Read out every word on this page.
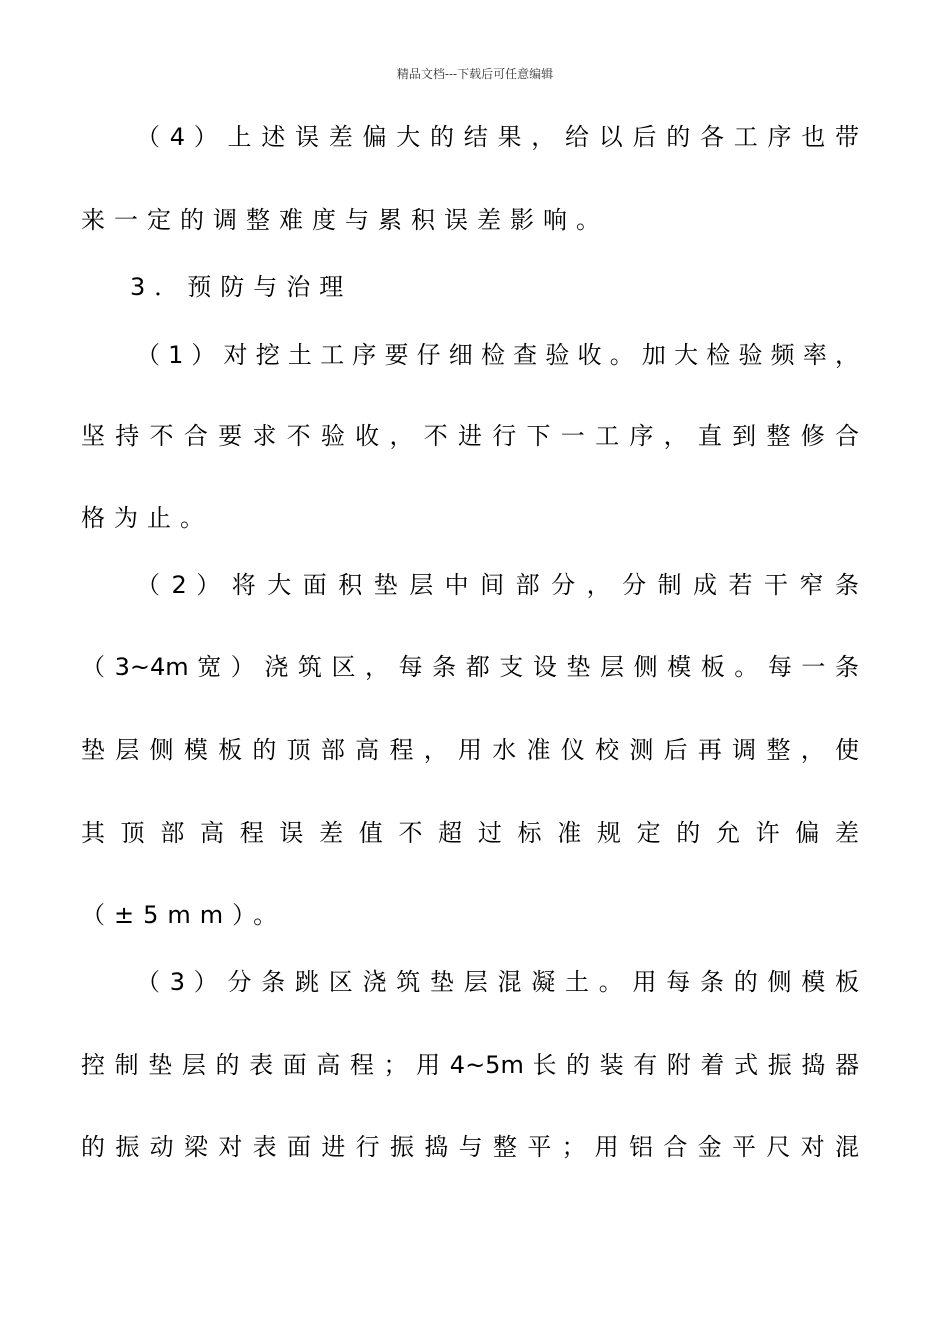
精品文档---下载后可任意编辑
（ 4 ） 上 述 误 差 偏 大 的 结 果 ， 给 以 后 的 各 工 序 也 带
来一定的调整难度与累积误差影响。
3．预防与治理
（ 1 ） 对 挖 土 工 序 要 仔 细 检 查 验 收 。 加 大 检 验 频 率 ，
坚 持 不 合 要 求 不 验 收 ， 不 进 行 下 一 工 序 ， 直 到 整 修 合
格为止。
（ 2 ） 将 大 面 积 垫 层 中 间 部 分 ， 分 制 成 若 干 窄 条
（ 3~4m 宽 ） 浇 筑 区 ， 每 条 都 支 设 垫 层 侧 模 板 。 每 一 条
垫 层 侧 模 板 的 顶 部 高 程 ， 用 水 准 仪 校 测 后 再 调 整 ， 使
其 顶 部 高 程 误 差 值 不 超 过 标 准 规 定 的 允 许 偏 差
（±5mm）。
（ 3 ） 分 条 跳 区 浇 筑 垫 层 混 凝 土 。 用 每 条 的 侧 模 板
控 制 垫 层 的 表 面 高 程 ； 用 4~5m 长 的 装 有 附 着 式 振 捣 器
的 振 动 梁 对 表 面 进 行 振 捣 与 整 平 ； 用 铝 合 金 平 尺 对 混
